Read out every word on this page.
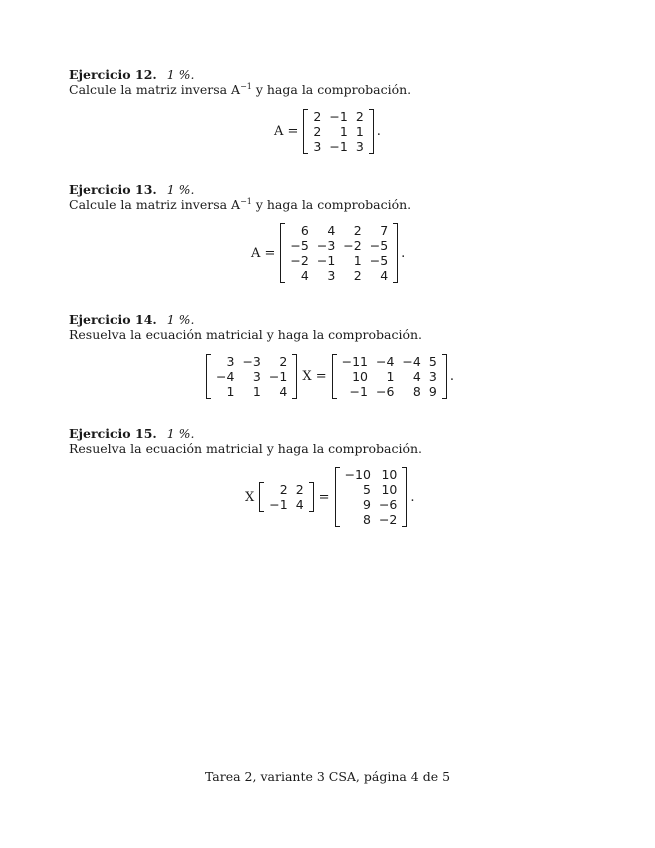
Ejercicio 12. 1 %.
Calcule la matriz inversa $A^{-1}$ y haga la comprobación.
A =
2	−1	2
2	1	1
3	−1	3
.
Ejercicio 13. 1 %.
Calcule la matriz inversa $A^{-1}$ y haga la comprobación.
A =
6	4	2	7
−5	−3	−2	−5
−2	−1	1	−5
4	3	2	4
.
Ejercicio 14. 1 %.
Resuelva la ecuación matricial y haga la comprobación.
3	−3	2
−4	3	−1
1	1	4
X =
−11	−4	−4	5
10	1	4	3
−1	−6	8	9
.
Ejercicio 15. 1 %.
Resuelva la ecuación matricial y haga la comprobación.
X 2	2
−1	4 =
−10	10
5	10
9	−6
8	−2
.
Tarea 2, variante 3 CSA, página 4 de 5
